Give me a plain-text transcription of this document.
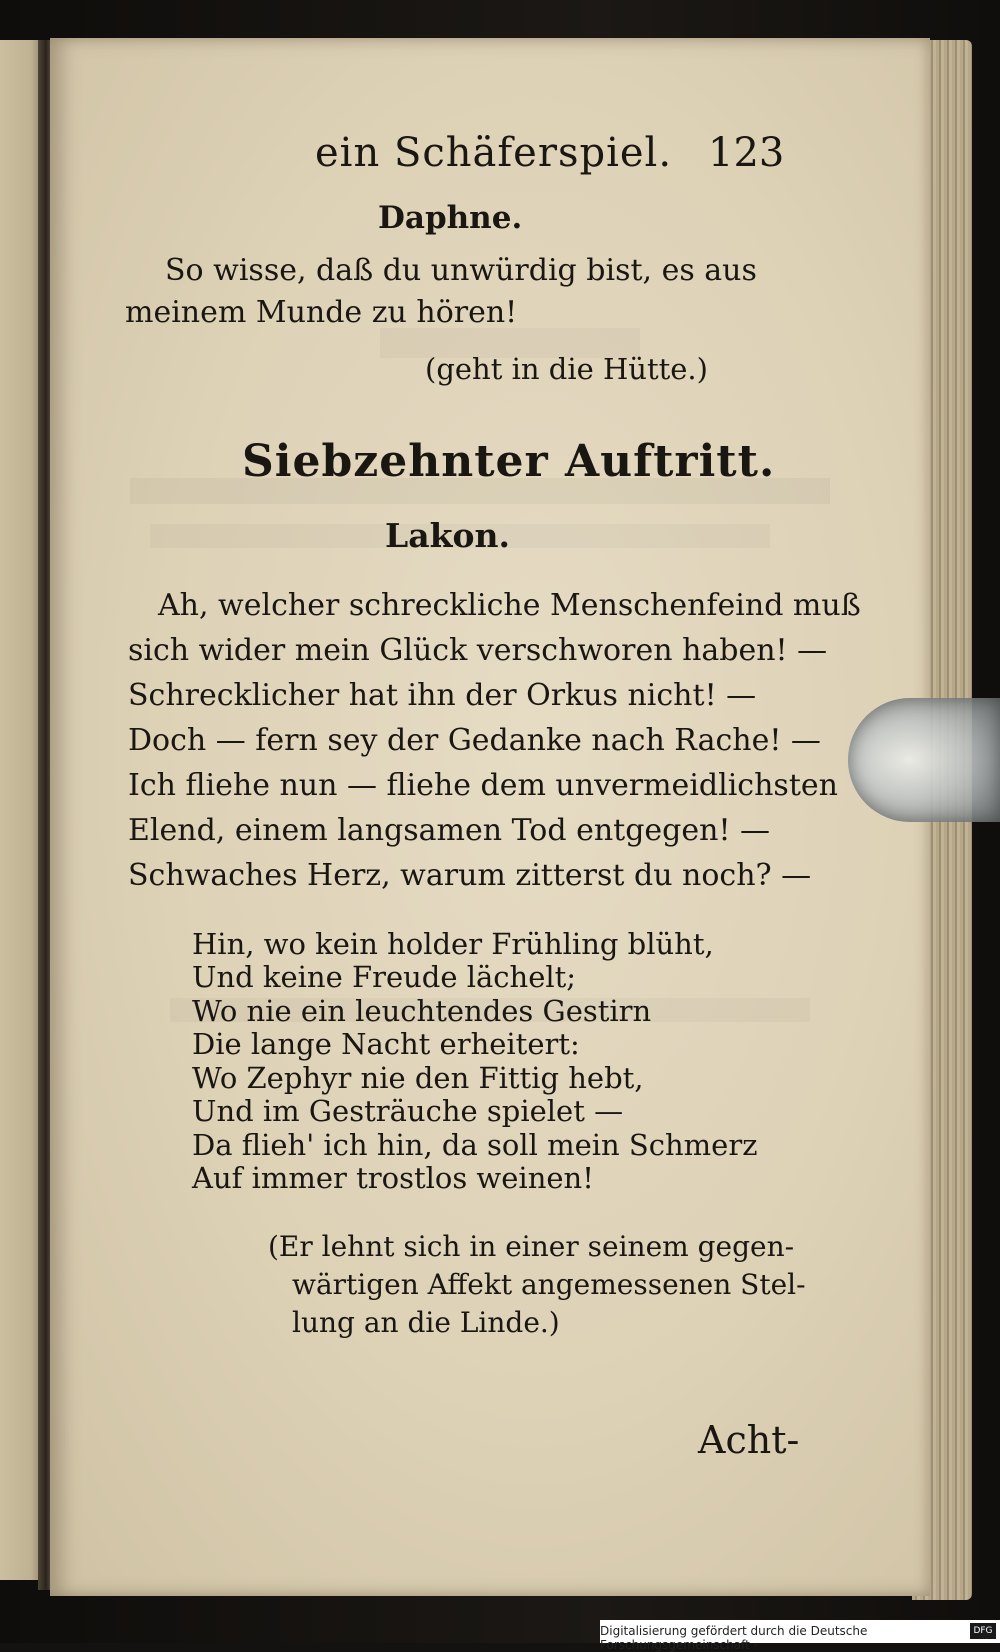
ein Schäferspiel. 123
Daphne.
So wisse, daß du unwürdig bist, es aus
meinem Munde zu hören!
(geht in die Hütte.)
Siebzehnter Auftritt.
Lakon.
Ah, welcher schreckliche Menschenfeind muß
sich wider mein Glück verschworen haben! —
Schrecklicher hat ihn der Orkus nicht! —
Doch — fern sey der Gedanke nach Rache! —
Ich fliehe nun — fliehe dem unvermeidlichsten
Elend, einem langsamen Tod entgegen! —
Schwaches Herz, warum zitterst du noch? —
Hin, wo kein holder Frühling blüht,
Und keine Freude lächelt;
Wo nie ein leuchtendes Gestirn
Die lange Nacht erheitert:
Wo Zephyr nie den Fittig hebt,
Und im Gesträuche spielet —
Da flieh' ich hin, da soll mein Schmerz
Auf immer trostlos weinen!
(Er lehnt sich in einer seinem gegen-
wärtigen Affekt angemessenen Stel-
lung an die Linde.)
Acht-
Digitalisierung gefördert durch die Deutsche Forschungsgemeinschaft ·
DFG
